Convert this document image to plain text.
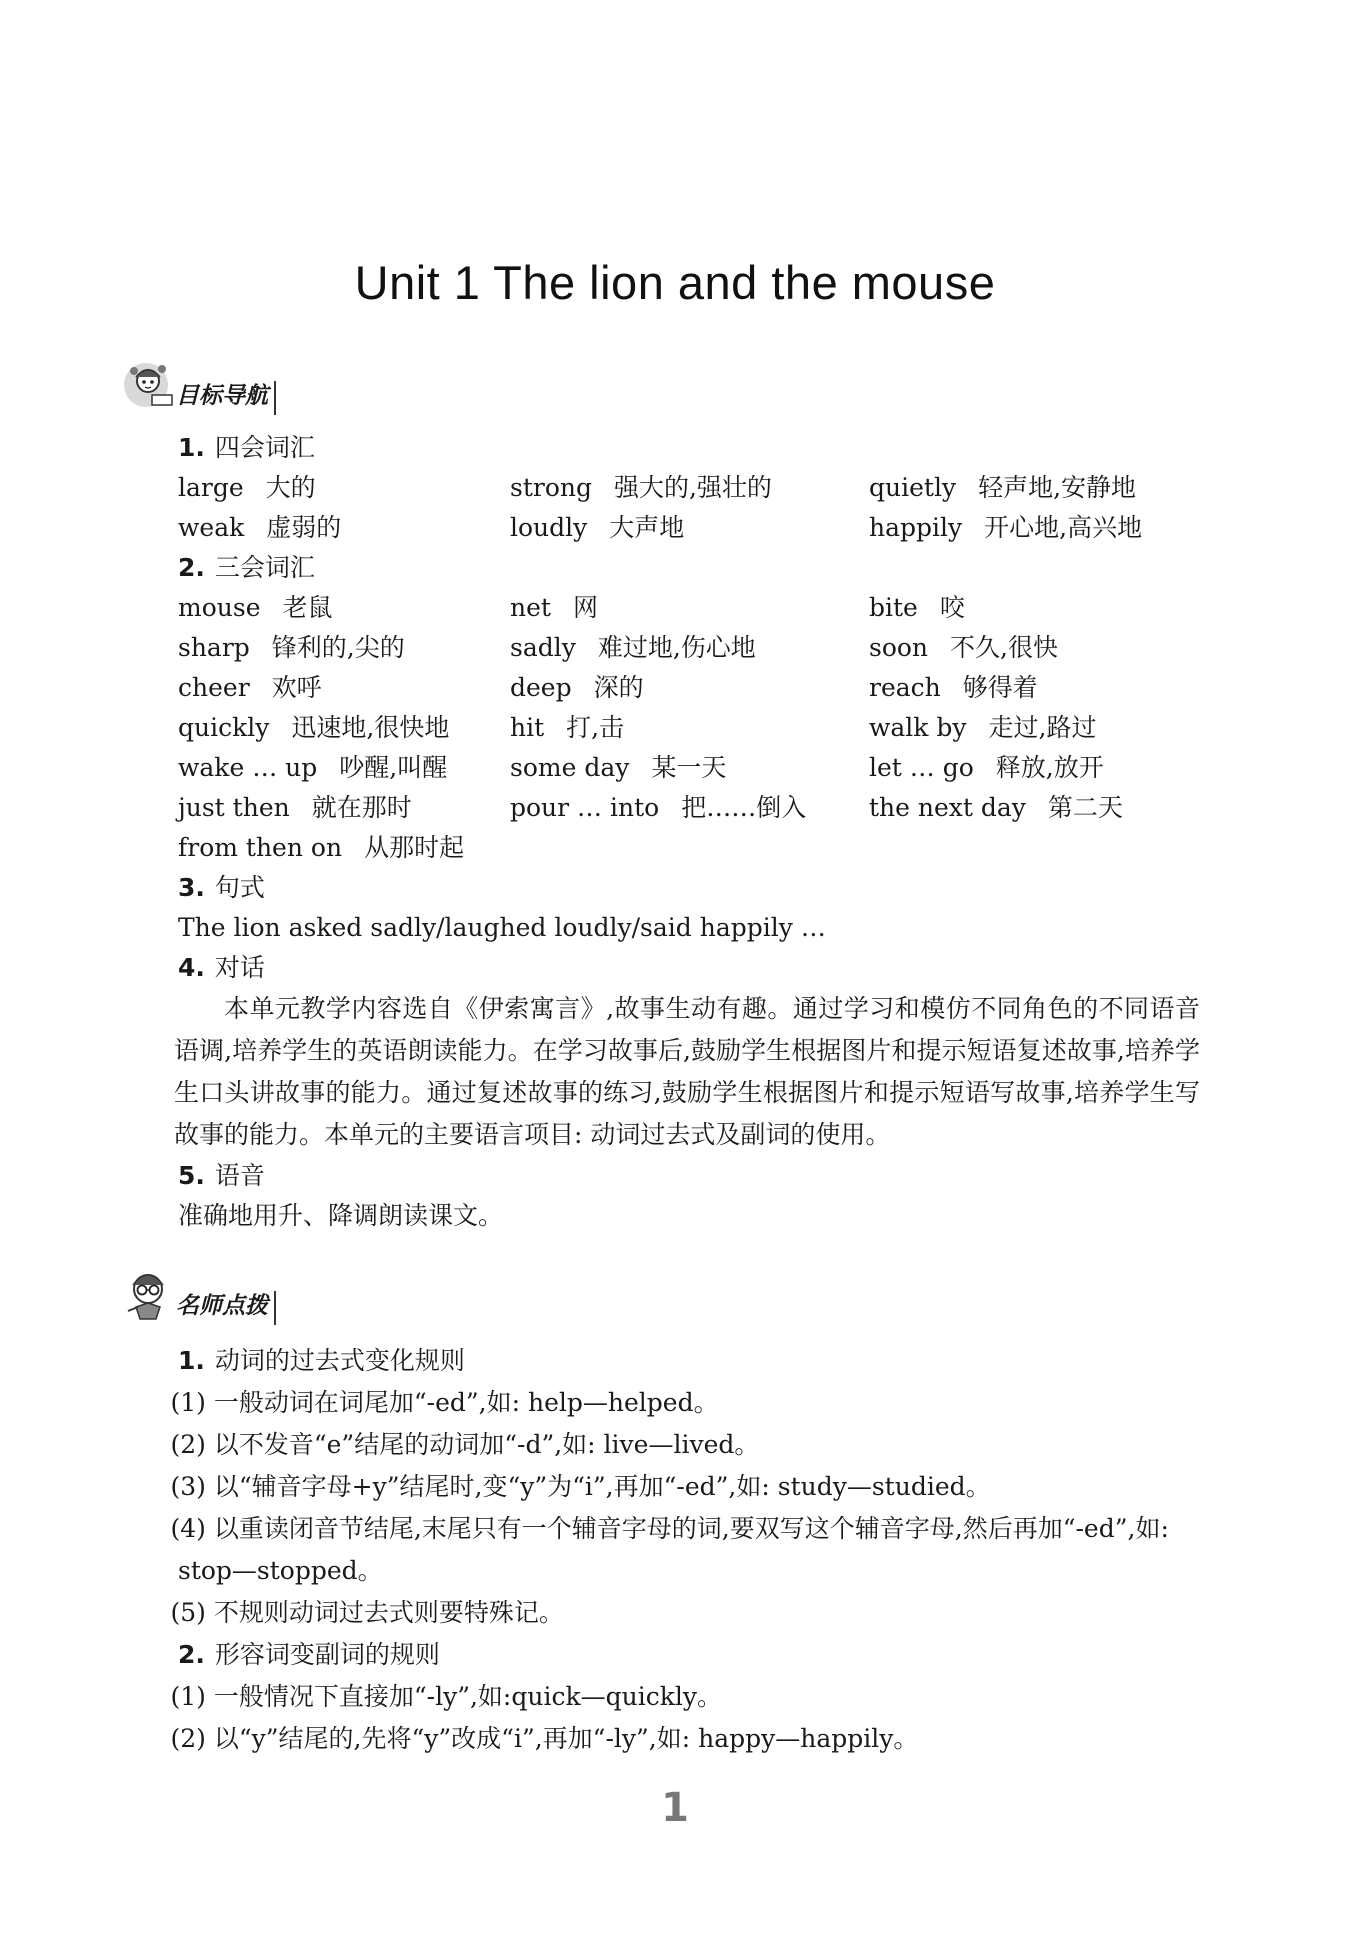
Unit 1 The lion and the mouse
目标导航
1. 四会词汇
large 大的	strong 强大的,强壮的	quietly 轻声地,安静地
weak 虚弱的	loudly 大声地	happily 开心地,高兴地
2. 三会词汇
mouse 老鼠	net 网	bite 咬
sharp 锋利的,尖的	sadly 难过地,伤心地	soon 不久,很快
cheer 欢呼	deep 深的	reach 够得着
quickly 迅速地,很快地	hit 打,击	walk by 走过,路过
wake … up 吵醒,叫醒	some day 某一天	let … go 释放,放开
just then 就在那时	pour … into 把……倒入	the next day 第二天
from then on 从那时起
3. 句式
The lion asked sadly/laughed loudly/said happily …
4. 对话
本单元教学内容选自《伊索寓言》,故事生动有趣。通过学习和模仿不同角色的不同语音语调,培养学生的英语朗读能力。在学习故事后,鼓励学生根据图片和提示短语复述故事,培养学生口头讲故事的能力。通过复述故事的练习,鼓励学生根据图片和提示短语写故事,培养学生写故事的能力。本单元的主要语言项目: 动词过去式及副词的使用。
5. 语音
准确地用升、降调朗读课文。
名师点拨
1. 动词的过去式变化规则
(1) 一般动词在词尾加“-ed”,如: help—helped。
(2) 以不发音“e”结尾的动词加“-d”,如: live—lived。
(3) 以“辅音字母+y”结尾时,变“y”为“i”,再加“-ed”,如: study—studied。
(4) 以重读闭音节结尾,末尾只有一个辅音字母的词,要双写这个辅音字母,然后再加“-ed”,如: stop—stopped。
(5) 不规则动词过去式则要特殊记。
2. 形容词变副词的规则
(1) 一般情况下直接加“-ly”,如:quick—quickly。
(2) 以“y”结尾的,先将“y”改成“i”,再加“-ly”,如: happy—happily。
1
